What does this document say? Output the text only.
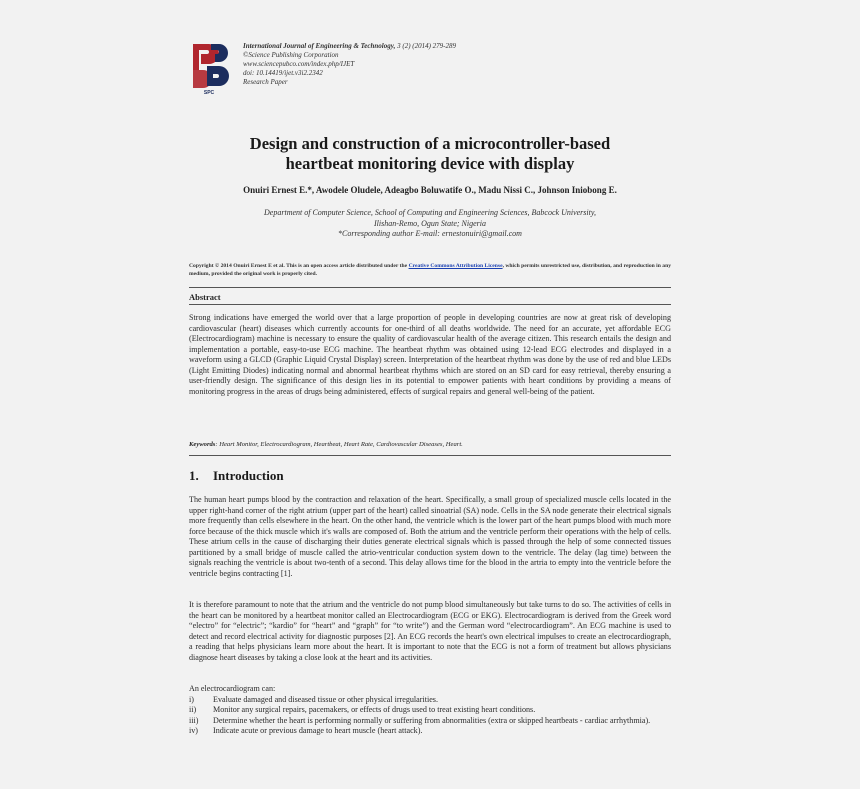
SPC
International Journal of Engineering & Technology, 3 (2) (2014) 279-289
©Science Publishing Corporation
www.sciencepubco.com/index.php/IJET
doi: 10.14419/ijet.v3i2.2342
Research Paper
Design and construction of a microcontroller-based
heartbeat monitoring device with display
Onuiri Ernest E.*, Awodele Oludele, Adeagbo Boluwatife O., Madu Nissi C., Johnson Iniobong E.
Department of Computer Science, School of Computing and Engineering Sciences, Babcock University,
Ilishan-Remo, Ogun State; Nigeria
*Corresponding author E-mail: ernestonuiri@gmail.com
Copyright © 2014 Onuiri Ernest E et al. This is an open access article distributed under the Creative Commons Attribution License, which permits unrestricted use, distribution, and reproduction in any medium, provided the original work is properly cited.
Abstract
Strong indications have emerged the world over that a large proportion of people in developing countries are now at great risk of developing cardiovascular (heart) diseases which currently accounts for one-third of all deaths worldwide. The need for an accurate, yet affordable ECG (Electrocardiogram) machine is necessary to ensure the quality of cardiovascular health of the average citizen. This research entails the design and implementation a portable, easy-to-use ECG machine. The heartbeat rhythm was obtained using 12-lead ECG electrodes and displayed in a waveform using a GLCD (Graphic Liquid Crystal Display) screen. Interpretation of the heartbeat rhythm was done by the use of red and blue LEDs (Light Emitting Diodes) indicating normal and abnormal heartbeat rhythms which are stored on an SD card for easy retrieval, thereby ensuring a user-friendly design. The significance of this design lies in its potential to empower patients with heart conditions by providing a means of monitoring progress in the areas of drugs being administered, effects of surgical repairs and general well-being of the patient.
Keywords: Heart Monitor, Electrocardiogram, Heartbeat, Heart Rate, Cardiovascular Diseases, Heart.
1. Introduction
The human heart pumps blood by the contraction and relaxation of the heart. Specifically, a small group of specialized muscle cells located in the upper right-hand corner of the right atrium (upper part of the heart) called sinoatrial (SA) node. Cells in the SA node generate their electrical signals more frequently than cells elsewhere in the heart. On the other hand, the ventricle which is the lower part of the heart pumps blood with much more force because of the thick muscle which it's walls are composed of. Both the atrium and the ventricle perform their operations with the help of cells. These atrium cells in the cause of discharging their duties generate electrical signals which is passed through the help of some connected tissues partitioned by a small bridge of muscle called the atrio-ventricular conduction system down to the ventricle. The delay (lag time) between the signals reaching the ventricle is about two-tenth of a second. This delay allows time for the blood in the artria to empty into the ventricle before the ventricle begins contracting [1].
It is therefore paramount to note that the atrium and the ventricle do not pump blood simultaneously but take turns to do so. The activities of cells in the heart can be monitored by a heartbeat monitor called an Electrocardiogram (ECG or EKG). Electrocardiogram is derived from the Greek word “electro” for “electric”; “kardio” for “heart” and “graph” for “to write”) and the German word “electrocardiogram”. An ECG machine is used to detect and record electrical activity for diagnostic purposes [2]. An ECG records the heart's own electrical impulses to create an electrocardiograph, a reading that helps physicians learn more about the heart. It is important to note that the ECG is not a form of treatment but allows physicians diagnose heart diseases by taking a close look at the heart and its activities.
An electrocardiogram can:
i)	Evaluate damaged and diseased tissue or other physical irregularities.
ii)	Monitor any surgical repairs, pacemakers, or effects of drugs used to treat existing heart conditions.
iii)	Determine whether the heart is performing normally or suffering from abnormalities (extra or skipped heartbeats - cardiac arrhythmia).
iv)	Indicate acute or previous damage to heart muscle (heart attack).
